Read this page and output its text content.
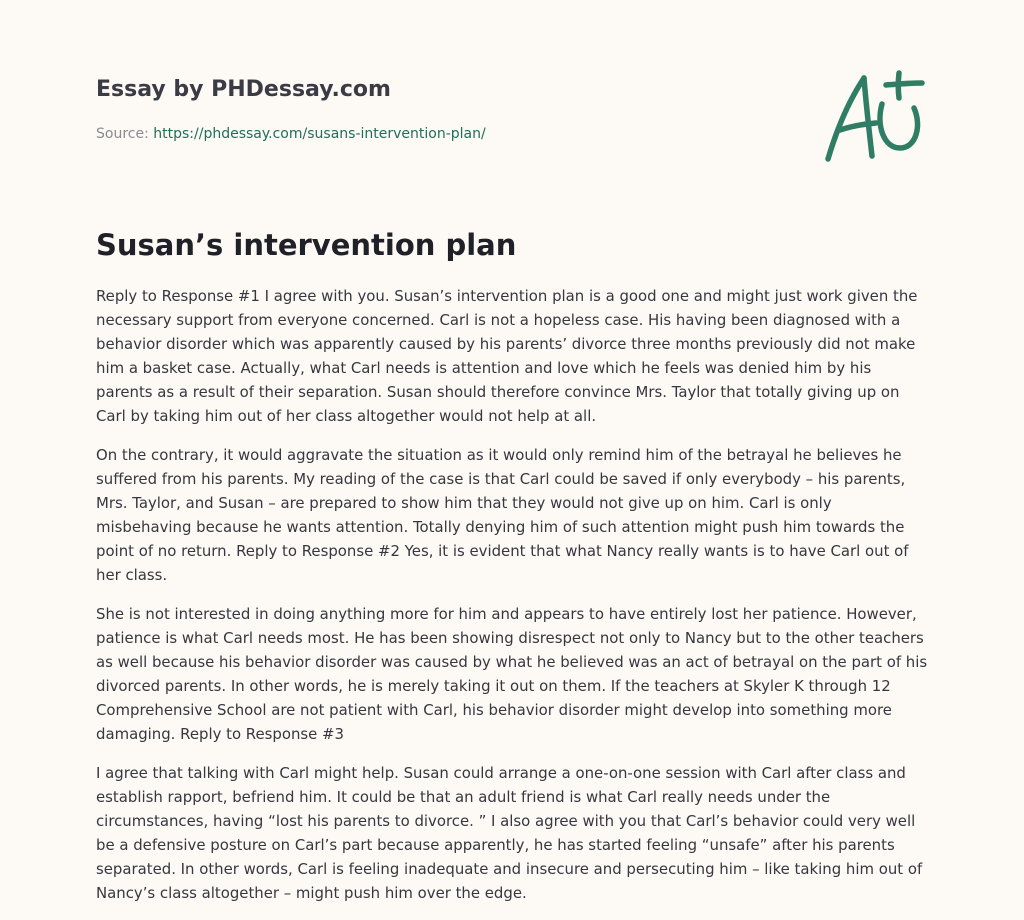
Essay by PHDessay.com
Source: https://phdessay.com/susans-intervention-plan/
Susan’s intervention plan

Reply to Response #1 I agree with you. Susan’s intervention plan is a good one and might just work given the necessary support from everyone concerned. Carl is not a hopeless case. His having been diagnosed with a behavior disorder which was apparently caused by his parents’ divorce three months previously did not make him a basket case. Actually, what Carl needs is attention and love which he feels was denied him by his parents as a result of their separation. Susan should therefore convince Mrs. Taylor that totally giving up on Carl by taking him out of her class altogether would not help at all.

On the contrary, it would aggravate the situation as it would only remind him of the betrayal he believes he suffered from his parents. My reading of the case is that Carl could be saved if only everybody – his parents, Mrs. Taylor, and Susan – are prepared to show him that they would not give up on him. Carl is only misbehaving because he wants attention. Totally denying him of such attention might push him towards the point of no return. Reply to Response #2 Yes, it is evident that what Nancy really wants is to have Carl out of her class.

She is not interested in doing anything more for him and appears to have entirely lost her patience. However, patience is what Carl needs most. He has been showing disrespect not only to Nancy but to the other teachers as well because his behavior disorder was caused by what he believed was an act of betrayal on the part of his divorced parents. In other words, he is merely taking it out on them. If the teachers at Skyler K through 12 Comprehensive School are not patient with Carl, his behavior disorder might develop into something more damaging. Reply to Response #3

I agree that talking with Carl might help. Susan could arrange a one-on-one session with Carl after class and establish rapport, befriend him. It could be that an adult friend is what Carl really needs under the circumstances, having “lost his parents to divorce. ” I also agree with you that Carl’s behavior could very well be a defensive posture on Carl’s part because apparently, he has started feeling “unsafe” after his parents separated. In other words, Carl is feeling inadequate and insecure and persecuting him – like taking him out of Nancy’s class altogether – might push him over the edge.
